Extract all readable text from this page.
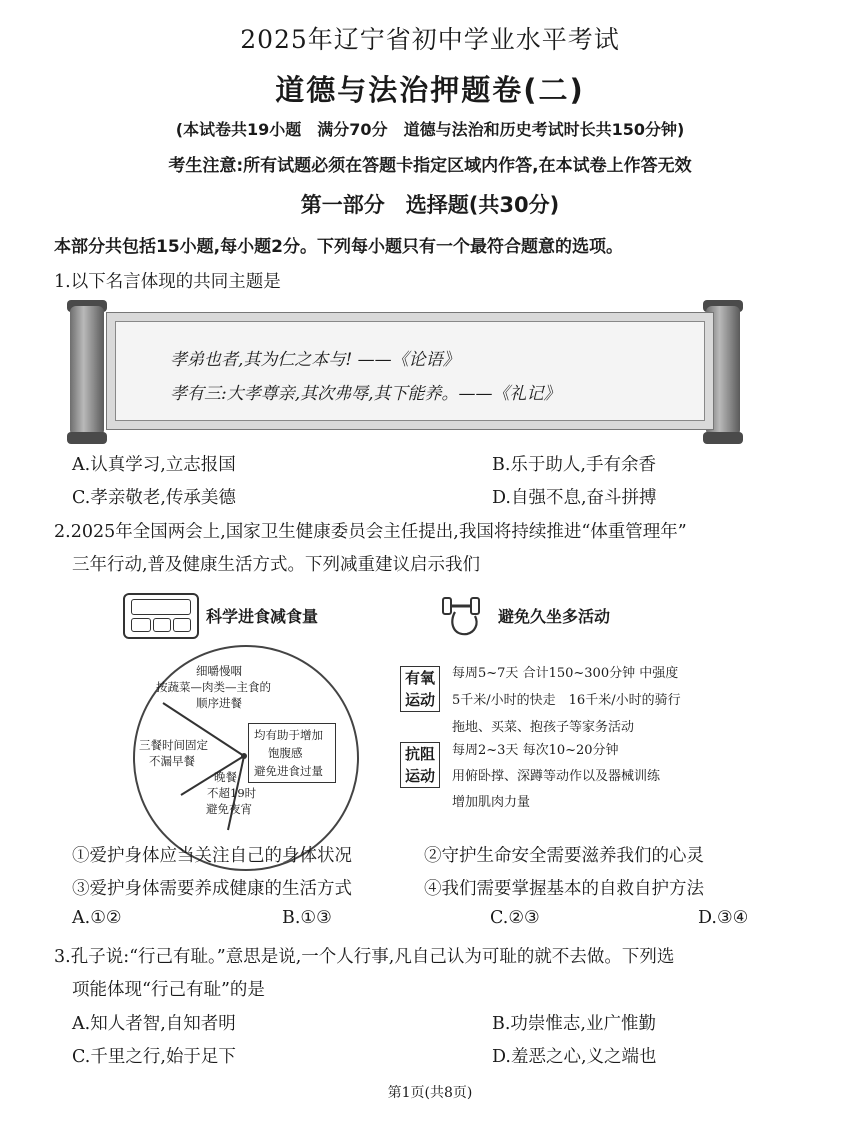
2025年辽宁省初中学业水平考试
道德与法治押题卷(二)
(本试卷共19小题　满分70分　道德与法治和历史考试时长共150分钟)
考生注意:所有试题必须在答题卡指定区域内作答,在本试卷上作答无效
第一部分　选择题(共30分)
本部分共包括15小题,每小题2分。下列每小题只有一个最符合题意的选项。
1.以下名言体现的共同主题是
孝弟也者,其为仁之本与! ——《论语》
孝有三:大孝尊亲,其次弗辱,其下能养。——《礼记》
A.认真学习,立志报国	B.乐于助人,手有余香
C.孝亲敬老,传承美德	D.自强不息,奋斗拼搏
2.2025年全国两会上,国家卫生健康委员会主任提出,我国将持续推进“体重管理年”
三年行动,普及健康生活方式。下列减重建议启示我们
科学进食减食量	避免久坐多活动
细嚼慢咽
按蔬菜—肉类—主食的
顺序进餐
三餐时间固定
不漏早餐
晚餐
不超19时
避免夜宵
均有助于增加
饱腹感
避免进食过量
有氧
运动
每周5~7天 合计150~300分钟 中强度
5千米/小时的快走　16千米/小时的骑行
拖地、买菜、抱孩子等家务活动
抗阻
运动
每周2~3天 每次10~20分钟
用俯卧撑、深蹲等动作以及器械训练
增加肌肉力量
①爱护身体应当关注自己的身体状况	②守护生命安全需要滋养我们的心灵
③爱护身体需要养成健康的生活方式	④我们需要掌握基本的自救自护方法
A.①②	B.①③	C.②③	D.③④
3.孔子说:“行己有耻。”意思是说,一个人行事,凡自己认为可耻的就不去做。下列选
项能体现“行己有耻”的是
A.知人者智,自知者明	B.功崇惟志,业广惟勤
C.千里之行,始于足下	D.羞恶之心,义之端也
第1页(共8页)
